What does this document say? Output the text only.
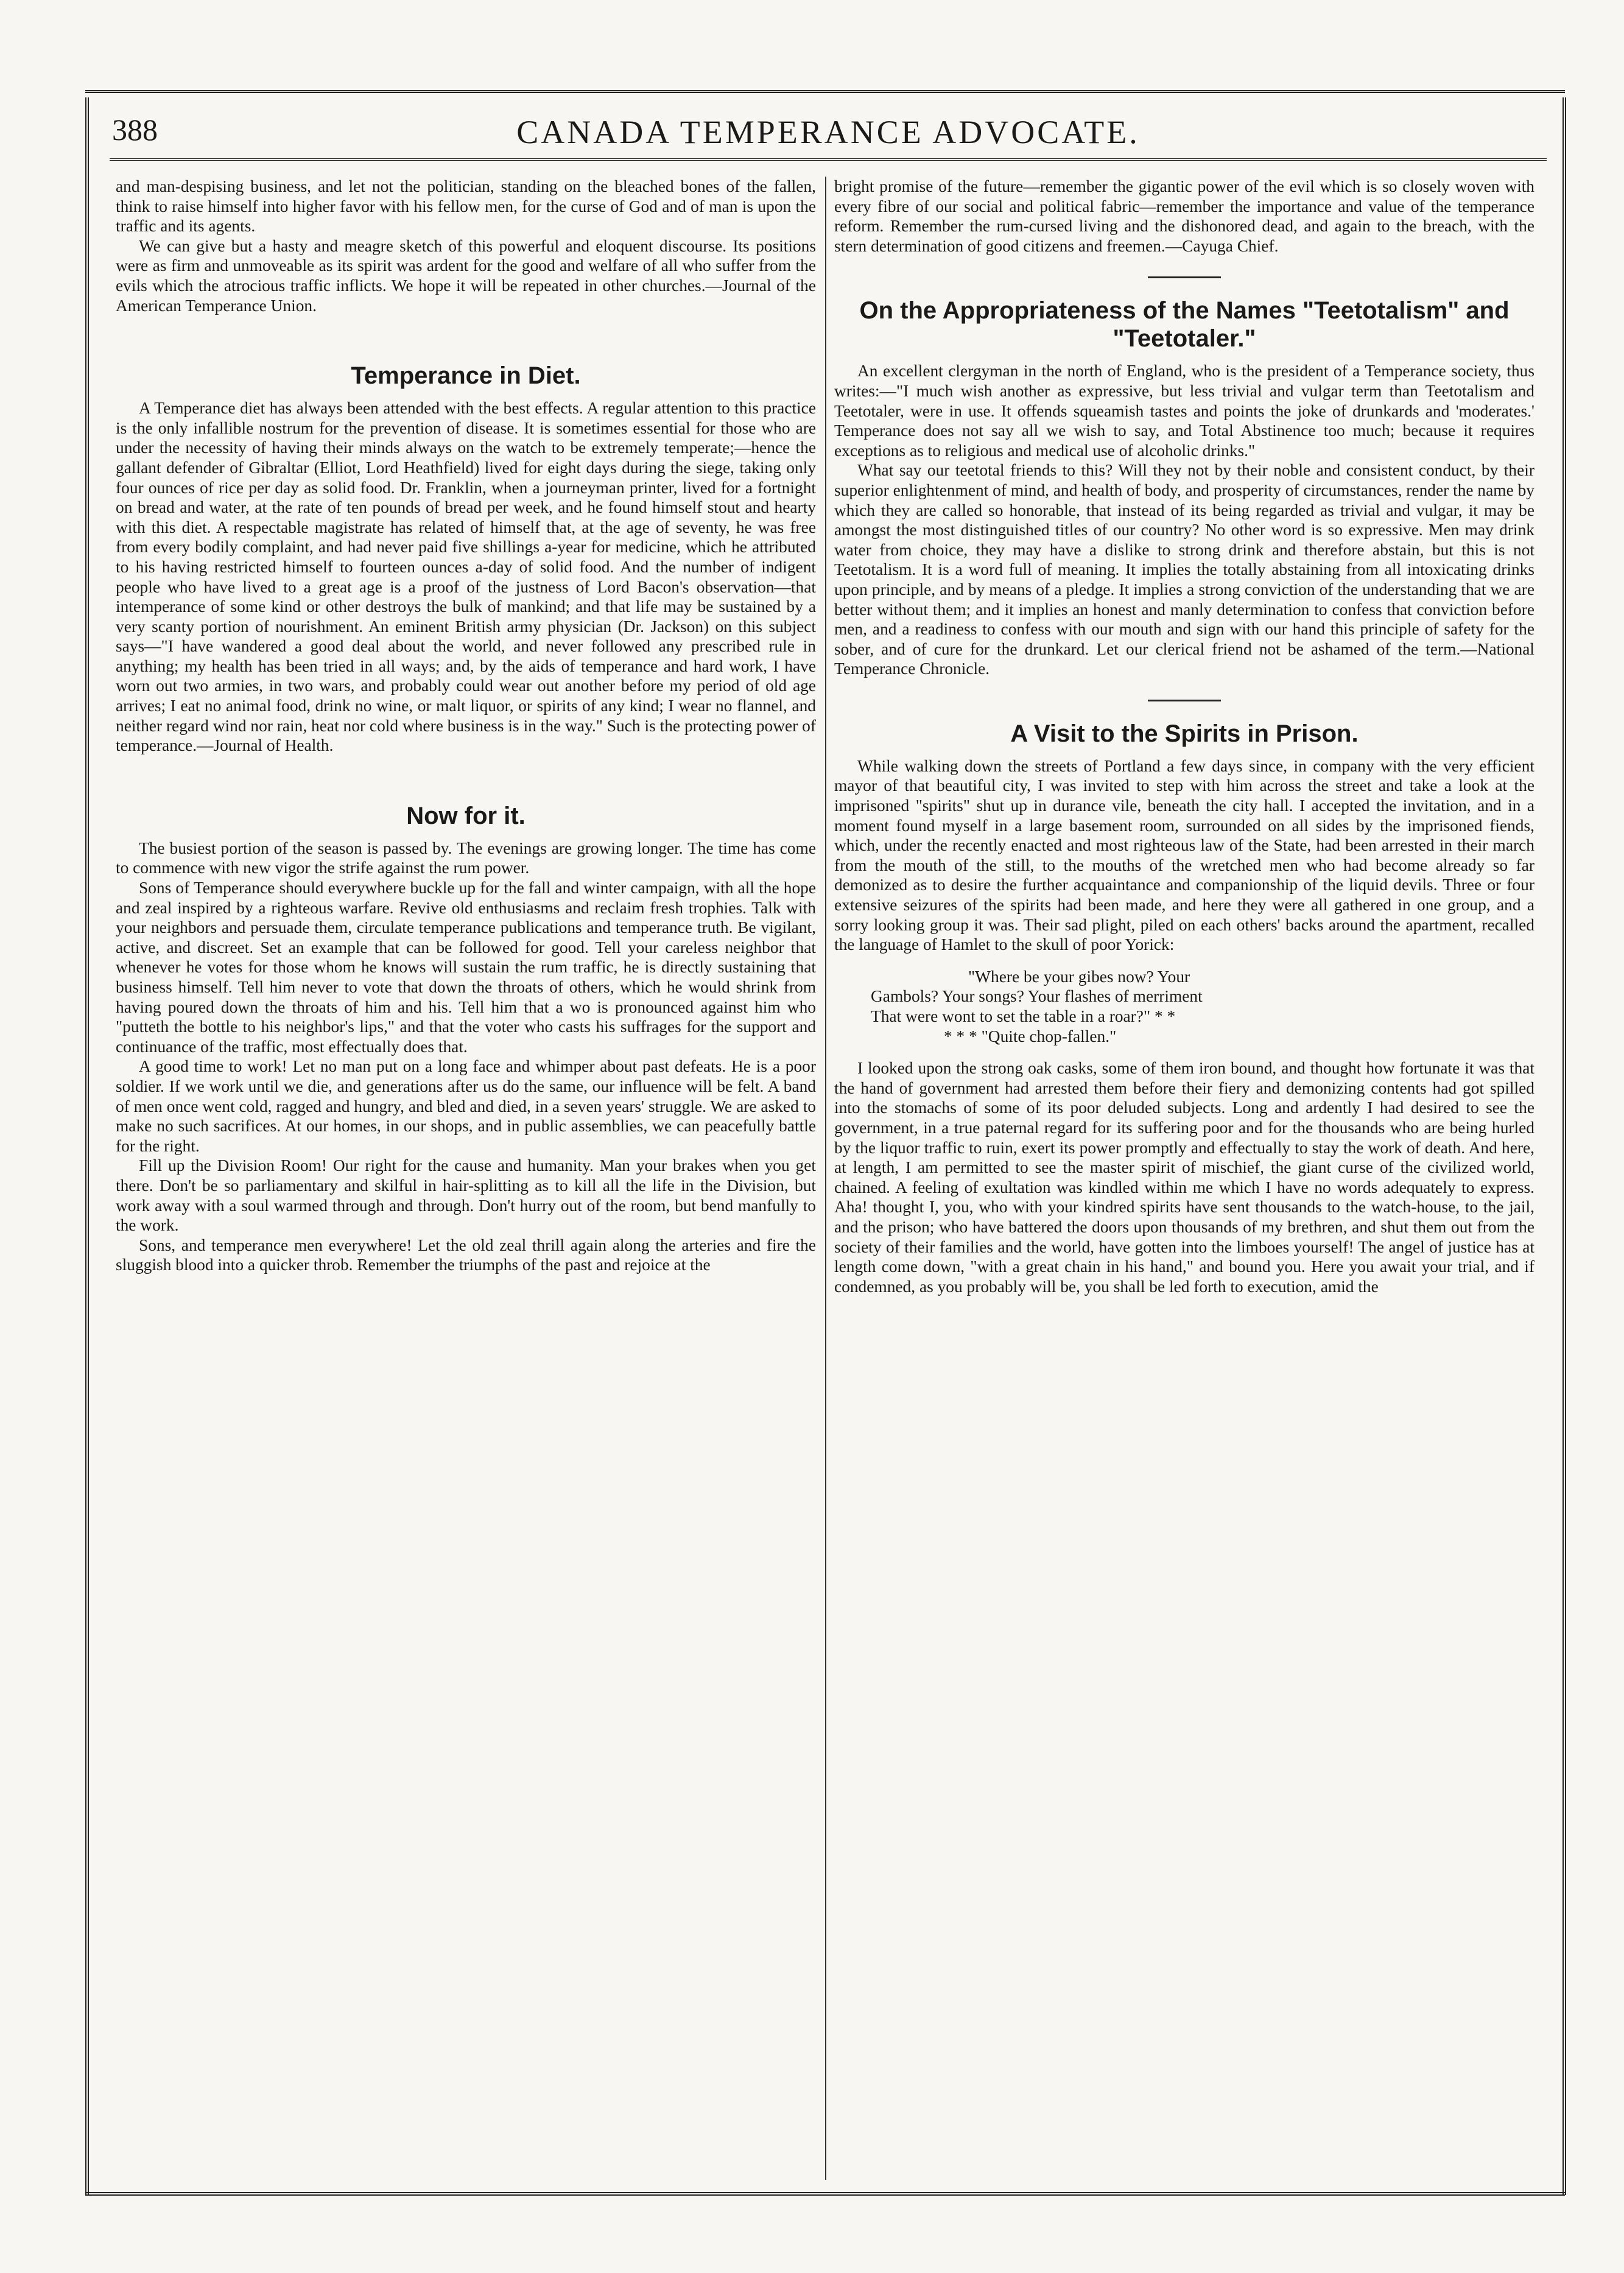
388	CANADA TEMPERANCE ADVOCATE.

and man-despising business, and let not the politician, standing on the bleached bones of the fallen, think to raise himself into higher favor with his fellow men, for the curse of God and of man is upon the traffic and its agents.

We can give but a hasty and meagre sketch of this powerful and eloquent discourse. Its positions were as firm and unmoveable as its spirit was ardent for the good and welfare of all who suffer from the evils which the atrocious traffic inflicts. We hope it will be repeated in other churches.—Journal of the American Temperance Union.

Temperance in Diet.

A Temperance diet has always been attended with the best effects. A regular attention to this practice is the only infallible nostrum for the prevention of disease. It is sometimes essential for those who are under the necessity of having their minds always on the watch to be extremely temperate;—hence the gallant defender of Gibraltar (Elliot, Lord Heathfield) lived for eight days during the siege, taking only four ounces of rice per day as solid food. Dr. Franklin, when a journeyman printer, lived for a fortnight on bread and water, at the rate of ten pounds of bread per week, and he found himself stout and hearty with this diet. A respectable magistrate has related of himself that, at the age of seventy, he was free from every bodily complaint, and had never paid five shillings a-year for medicine, which he attributed to his having restricted himself to fourteen ounces a-day of solid food. And the number of indigent people who have lived to a great age is a proof of the justness of Lord Bacon's observation—that intemperance of some kind or other destroys the bulk of mankind; and that life may be sustained by a very scanty portion of nourishment. An eminent British army physician (Dr. Jackson) on this subject says—"I have wandered a good deal about the world, and never followed any prescribed rule in anything; my health has been tried in all ways; and, by the aids of temperance and hard work, I have worn out two armies, in two wars, and probably could wear out another before my period of old age arrives; I eat no animal food, drink no wine, or malt liquor, or spirits of any kind; I wear no flannel, and neither regard wind nor rain, heat nor cold where business is in the way." Such is the protecting power of temperance.—Journal of Health.

Now for it.

The busiest portion of the season is passed by. The evenings are growing longer. The time has come to commence with new vigor the strife against the rum power.

Sons of Temperance should everywhere buckle up for the fall and winter campaign, with all the hope and zeal inspired by a righteous warfare. Revive old enthusiasms and reclaim fresh trophies. Talk with your neighbors and persuade them, circulate temperance publications and temperance truth. Be vigilant, active, and discreet. Set an example that can be followed for good. Tell your careless neighbor that whenever he votes for those whom he knows will sustain the rum traffic, he is directly sustaining that business himself. Tell him never to vote that down the throats of others, which he would shrink from having poured down the throats of him and his. Tell him that a wo is pronounced against him who "putteth the bottle to his neighbor's lips," and that the voter who casts his suffrages for the support and continuance of the traffic, most effectually does that.

A good time to work! Let no man put on a long face and whimper about past defeats. He is a poor soldier. If we work until we die, and generations after us do the same, our influence will be felt. A band of men once went cold, ragged and hungry, and bled and died, in a seven years' struggle. We are asked to make no such sacrifices. At our homes, in our shops, and in public assemblies, we can peacefully battle for the right.

Fill up the Division Room! Our right for the cause and humanity. Man your brakes when you get there. Don't be so parliamentary and skilful in hair-splitting as to kill all the life in the Division, but work away with a soul warmed through and through. Don't hurry out of the room, but bend manfully to the work.

Sons, and temperance men everywhere! Let the old zeal thrill again along the arteries and fire the sluggish blood into a quicker throb. Remember the triumphs of the past and rejoice at the

bright promise of the future—remember the gigantic power of the evil which is so closely woven with every fibre of our social and political fabric—remember the importance and value of the temperance reform. Remember the rum-cursed living and the dishonored dead, and again to the breach, with the stern determination of good citizens and freemen.—Cayuga Chief.

On the Appropriateness of the Names "Teetotalism" and "Teetotaler."

An excellent clergyman in the north of England, who is the president of a Temperance society, thus writes:—"I much wish another as expressive, but less trivial and vulgar term than Teetotalism and Teetotaler, were in use. It offends squeamish tastes and points the joke of drunkards and 'moderates.' Temperance does not say all we wish to say, and Total Abstinence too much; because it requires exceptions as to religious and medical use of alcoholic drinks."

What say our teetotal friends to this? Will they not by their noble and consistent conduct, by their superior enlightenment of mind, and health of body, and prosperity of circumstances, render the name by which they are called so honorable, that instead of its being regarded as trivial and vulgar, it may be amongst the most distinguished titles of our country? No other word is so expressive. Men may drink water from choice, they may have a dislike to strong drink and therefore abstain, but this is not Teetotalism. It is a word full of meaning. It implies the totally abstaining from all intoxicating drinks upon principle, and by means of a pledge. It implies a strong conviction of the understanding that we are better without them; and it implies an honest and manly determination to confess that conviction before men, and a readiness to confess with our mouth and sign with our hand this principle of safety for the sober, and of cure for the drunkard. Let our clerical friend not be ashamed of the term.—National Temperance Chronicle.

A Visit to the Spirits in Prison.

While walking down the streets of Portland a few days since, in company with the very efficient mayor of that beautiful city, I was invited to step with him across the street and take a look at the imprisoned "spirits" shut up in durance vile, beneath the city hall. I accepted the invitation, and in a moment found myself in a large basement room, surrounded on all sides by the imprisoned fiends, which, under the recently enacted and most righteous law of the State, had been arrested in their march from the mouth of the still, to the mouths of the wretched men who had become already so far demonized as to desire the further acquaintance and companionship of the liquid devils. Three or four extensive seizures of the spirits had been made, and here they were all gathered in one group, and a sorry looking group it was. Their sad plight, piled on each others' backs around the apartment, recalled the language of Hamlet to the skull of poor Yorick:

"Where be your gibes now? Your
Gambols? Your songs? Your flashes of merriment
That were wont to set the table in a roar?" * *
* * * "Quite chop-fallen."

I looked upon the strong oak casks, some of them iron bound, and thought how fortunate it was that the hand of government had arrested them before their fiery and demonizing contents had got spilled into the stomachs of some of its poor deluded subjects. Long and ardently I had desired to see the government, in a true paternal regard for its suffering poor and for the thousands who are being hurled by the liquor traffic to ruin, exert its power promptly and effectually to stay the work of death. And here, at length, I am permitted to see the master spirit of mischief, the giant curse of the civilized world, chained. A feeling of exultation was kindled within me which I have no words adequately to express. Aha! thought I, you, who with your kindred spirits have sent thousands to the watch-house, to the jail, and the prison; who have battered the doors upon thousands of my brethren, and shut them out from the society of their families and the world, have gotten into the limboes yourself! The angel of justice has at length come down, "with a great chain in his hand," and bound you. Here you await your trial, and if condemned, as you probably will be, you shall be led forth to execution, amid the
